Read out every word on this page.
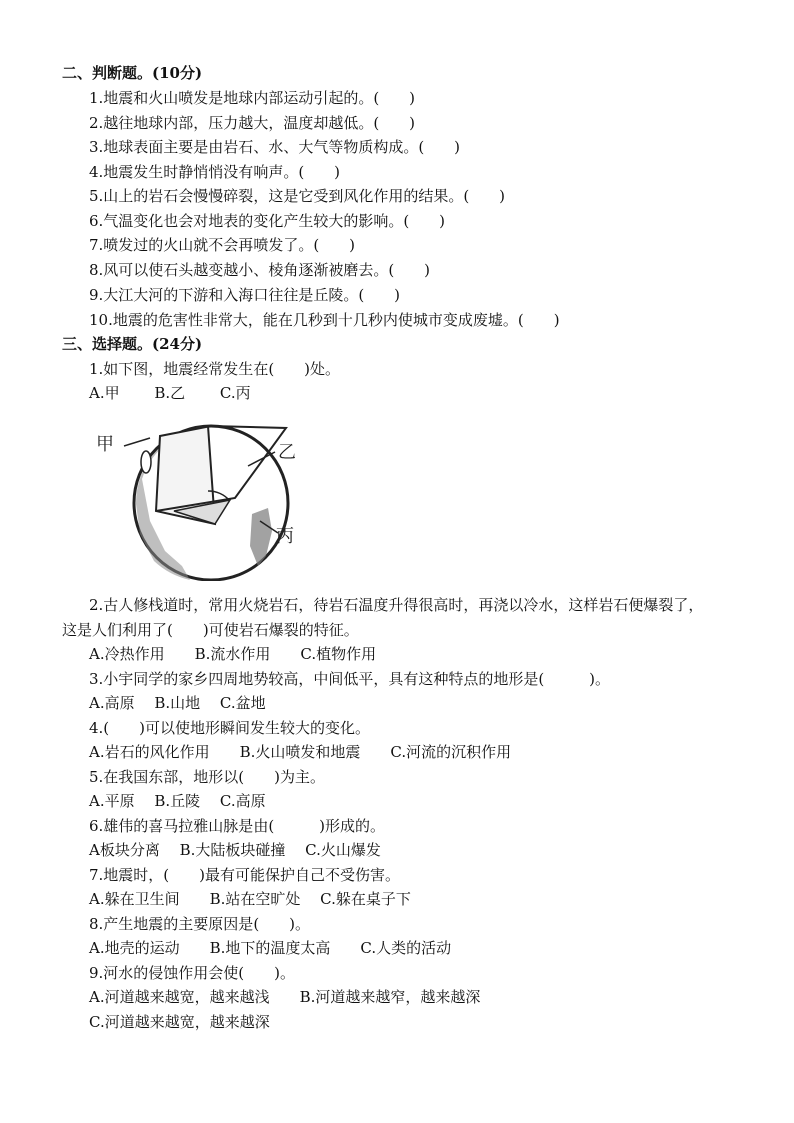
二、判断题。(10分)
1.地震和火山喷发是地球内部运动引起的。(　　)
2.越往地球内部，压力越大，温度却越低。(　　)
3.地球表面主要是由岩石、水、大气等物质构成。(　　)
4.地震发生时静悄悄没有响声。(　　)
5.山上的岩石会慢慢碎裂，这是它受到风化作用的结果。(　　)
6.气温变化也会对地表的变化产生较大的影响。(　　)
7.喷发过的火山就不会再喷发了。(　　)
8.风可以使石头越变越小、棱角逐渐被磨去。(　　)
9.大江大河的下游和入海口往往是丘陵。(　　)
10.地震的危害性非常大，能在几秒到十几秒内使城市变成废墟。(　　)
三、选择题。(24分)
1.如下图，地震经常发生在(　　)处。
A.甲　　 B.乙　　 C.丙
甲	乙
丙
2.古人修栈道时，常用火烧岩石，待岩石温度升得很高时，再浇以冷水，这样岩石便爆裂了，
这是人们利用了(　　)可使岩石爆裂的特征。
A.冷热作用　　B.流水作用　　C.植物作用
3.小宇同学的家乡四周地势较高，中间低平，具有这种特点的地形是(　　　)。
A.高原　 B.山地　 C.盆地
4.(　　)可以使地形瞬间发生较大的变化。
A.岩石的风化作用　　B.火山喷发和地震　　C.河流的沉积作用
5.在我国东部，地形以(　　)为主。
A.平原　 B.丘陵　 C.高原
6.雄伟的喜马拉雅山脉是由(　　　)形成的。
A板块分离　 B.大陆板块碰撞　 C.火山爆发
7.地震时，(　　)最有可能保护自己不受伤害。
A.躲在卫生间　　B.站在空旷处　 C.躲在桌子下
8.产生地震的主要原因是(　　)。
A.地壳的运动　　B.地下的温度太高　　C.人类的活动
9.河水的侵蚀作用会使(　　)。
A.河道越来越宽，越来越浅　　B.河道越来越窄，越来越深
C.河道越来越宽，越来越深
